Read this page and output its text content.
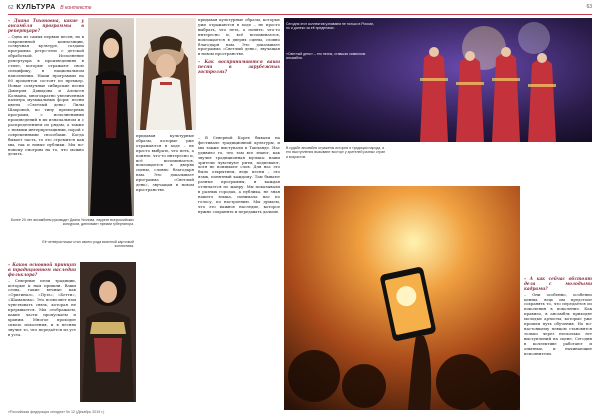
62 КУЛЬТУРА В контексте	63

– Диана Тихоновна, какие у ансамбля программы в репертуаре?

– Одна из самых первых песен, но в современной композиции, созвучная культуре, создана программа ретро-этно с детской обработкой. Исполнение репертуара в произведениях в стиле, которые отражают свою специфику, в национальном наполнении. Наши программы на 60 процентов состоят из премьер. Новые созвучные сибирские песни Дмитрия Давыдова и Алексея Колмана, многократно увеличенная палитра музыкальных форм: песни цветы «Светлый день» Лилы Шахровой, по типу премьерных программ, с исполнениями произведений в их изначальном и с распределением по рядам, а также с новыми интерпретациями, порой с современными способами. Когда бывает часть, то это стремится как мы, так и новые публики. Мы по-новому смотрим на то, что можно делать.

Более 20 лет ансамблем руководит Диана Уколова, лауреат всероссийских конкурсов, дипломант премии губернатора.
Её четверостишье стал своего рода визитной карточкой коллектива.

– Каков основной принцип в традиционном наследии фольклора?

– Северные пели традиции, которые к нам пришли. Ваши слова, такие вечные как «Оригинал», «Путь», «Бетти», «Шаманова». Это позволяет нам чувствовать связь, которая не прерывается. Мы отображаем, какие части пропускаем и храним. Многое проходит сквозь поколения, и в песнях звучит то, что передаётся из уст в уста.

придавая культурные образы, которые уже отражаются в ходе – не просто выбрать, что петь, а понять: что-то интересно и, всё вспоминается, воплощается в дверях сцены, словно благодаря нам. Это доказывает программа «Светлый день», звучащая в новом пространстве.

– Как воспринимаются ваши песни в зарубежных гастролях?

– В Северной Корее бывали на фестивале традиционной культуры, и мы также выступали в Таиланде. Нас удивило то, что там все знают, как звучит традиционная музыка: наши зрители чувствуют ритм, подпевают, хотя не понимают слов. Для нас это было открытием, ведь песни – это язык, понятный каждому. Там бывают разные программы, и каждая отличается по жанру. Мы показывали в разных городах, а публика, не зная нашего языка, понимала нас по голосу, по настроению. Мы думаем, что это важное наследие, которое нужно сохранять и передавать дальше.

придавая культурные образы, которые уже отражаются в ходе – не просто выбрать, что петь, а понять: что-то интересно и, всё вспоминается, воплощается в дверях сцены, словно благодаря нам. Это доказывает программа «Светлый день», звучащая в новом пространстве.

Сегодня этот коллектив узнаваем не только в России, но и далеко за её пределами.
«Светлый день» – это песня, ставшая символом ансамбля.
В судьбе ансамбля отражены история и традиции народа, а его выступления вызывают восторг у зрителей разных стран и возрастов.

– А как сейчас обстоят дела с молодыми кадрами?

– Они особенно, особенно ценны, ведь им предстоит сохранять то, что передаётся из поколения в поколение. Как правило, в ансамбль приходят молодые артисты, которые уже прошли путь обучения. Но по-настоящему певцом становятся только через несколько лет выступлений на сцене. Сегодня в коллективе работают и опытные, и начинающие исполнители.

«Российская федерация сегодня» № 12 (Декабрь 2019 г.)
